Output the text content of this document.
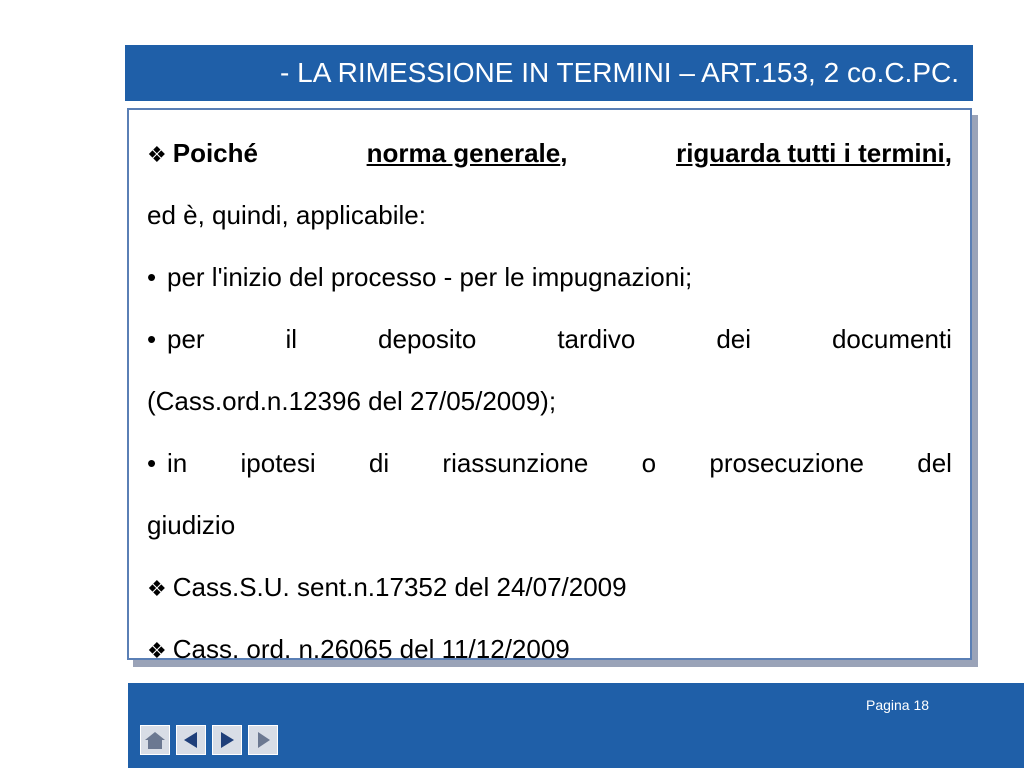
- LA RIMESSIONE IN TERMINI – ART.153, 2 co.C.PC.
❖ Poiché	norma generale,	riguarda tutti i termini,
ed è, quindi, applicabile:
• per l'inizio del processo - per le impugnazioni;
• per	il	deposito	tardivo	dei	documenti
(Cass.ord.n.12396 del 27/05/2009);
• in ipotesi di riassunzione o prosecuzione del
giudizio
❖ Cass.S.U. sent.n.17352 del 24/07/2009
❖ Cass. ord. n.26065 del 11/12/2009
Pagina 18
